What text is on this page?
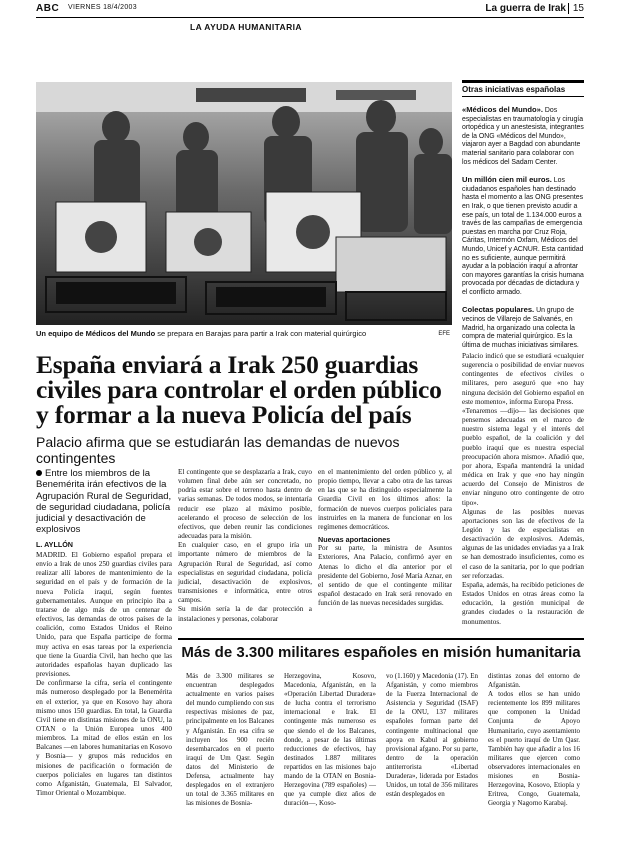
ABC VIERNES 18/4/2003	La guerra de Irak 15
LA AYUDA HUMANITARIA
Un equipo de Médicos del Mundo se prepara en Barajas para partir a Irak con material quirúrgico	EFE
Otras iniciativas españolas
«Médicos del Mundo». Dos especialistas en traumatología y cirugía ortopédica y un anestesista, integrantes de la ONG «Médicos del Mundo», viajaron ayer a Bagdad con abundante material sanitario para colaborar con los médicos del Sadam Center.
Un millón cien mil euros. Los ciudadanos españoles han destinado hasta el momento a las ONG presentes en Irak, o que tienen previsto acudir a ese país, un total de 1.134.000 euros a través de las campañas de emergencia puestas en marcha por Cruz Roja, Cáritas, Intermón Oxfam, Médicos del Mundo, Unicef y ACNUR. Esta cantidad no es suficiente, aunque permitirá ayudar a la población iraquí a afrontar con mayores garantías la crisis humana provocada por décadas de dictadura y el conflicto armado.
Colectas populares. Un grupo de vecinos de Villarejo de Salvanés, en Madrid, ha organizado una colecta la compra de material quirúrgico. Es la última de muchas iniciativas similares.
España enviará a Irak 250 guardias civiles para controlar el orden público y formar a la nueva Policía del país
Palacio afirma que se estudiarán las demandas de nuevos contingentes
Entre los miembros de la Benemérita irán efectivos de la Agrupación Rural de Seguridad, de seguridad ciudadana, policía judicial y desactivación de explosivos
L. AYLLÓN
MADRID. El Gobierno español prepara el envío a Irak de unos 250 guardias civiles para realizar allí labores de mantenimiento de la seguridad en el país y de formación de la nueva Policía iraquí, según fuentes gubernamentales. Aunque en principio iba a tratarse de algo más de un centenar de efectivos, las demandas de otros países de la coalición, como Estados Unidos el Reino Unido, para que España participe de forma muy activa en esas tareas por la experiencia que tiene la Guardia Civil, han hecho que las autoridades españolas hayan duplicado las previsiones.
De confirmarse la cifra, sería el contingente más numeroso desplegado por la Benemérita en el exterior, ya que en Kosovo hay ahora mismo unos 150 guardias. En total, la Guardia Civil tiene en distintas misiones de la ONU, la OTAN o la Unión Europea unos 400 miembros. La mitad de ellos están en los Balcanes —en labores humanitarias en Kosovo y Bosnia— y grupos más reducidos en misiones de pacificación o formación de cuerpos policiales en lugares tan distintos como Afganistán, Guatemala, El Salvador, Timor Oriental o Mozambique.
El contingente que se desplazaría a Irak, cuyo volumen final debe aún ser concretado, no podría estar sobre el terreno hasta dentro de varias semanas. De todos modos, se intentaría reducir ese plazo al máximo posible, acelerando el proceso de selección de los efectivos, que deben reunir las condiciones adecuadas para la misión.
En cualquier caso, en el grupo iría un importante número de miembros de la Agrupación Rural de Seguridad, así como especialistas en seguridad ciudadana, policía judicial, desactivación de explosivos, transmisiones e informática, entre otros campos.
Su misión sería la de dar protección a instalaciones y personas, colaborar
en el mantenimiento del orden público y, al propio tiempo, llevar a cabo otra de las tareas en las que se ha distinguido especialmente la Guardia Civil en los últimos años: la formación de nuevos cuerpos policiales para instruirles en la manera de funcionar en los regímenes democráticos.
Nuevas aportaciones
Por su parte, la ministra de Asuntos Exteriores, Ana Palacio, confirmó ayer en Atenas lo dicho el día anterior por el presidente del Gobierno, José María Aznar, en el sentido de que el contingente militar español destacado en Irak será renovado en función de las nuevas necesidades surgidas.
Palacio indicó que se estudiará «cualquier sugerencia o posibilidad de enviar nuevos contingentes de efectivos civiles o militares, pero aseguró que «no hay ninguna decisión del Gobierno español en este momento», informa Europa Press.
«Tenaremos —dijo— las decisiones que pensemos adecuadas en el marco de nuestro sistema legal y el interés del pueblo español, de la coalición y del pueblo iraquí que es nuestra especial preocupación ahora mismo». Añadió que, por ahora, España mantendrá la unidad médica en Irak y que «no hay ningún acuerdo del Consejo de Ministros de enviar ninguno otro contingente de otro tipo».
Algunas de las posibles nuevas aportaciones son las de efectivos de la Legión y las de especialistas en desactivación de explosivos. Además, algunas de las unidades enviadas ya a Irak se han demostrado insuficientes, como es el caso de la sanitaria, por lo que podrían ser reforzadas.
España, además, ha recibido peticiones de Estados Unidos en otras áreas como la educación, la gestión municipal de grandes ciudades o la restauración de monumentos.
Más de 3.300 militares españoles en misión humanitaria
Más de 3.300 militares se encuentran desplegados actualmente en varios países del mundo cumpliendo con sus respectivas misiones de paz, principalmente en los Balcanes y Afganistán. En esa cifra se incluyen los 900 recién desembarcados en el puerto iraquí de Um Qasr. Según datos del Ministerio de Defensa, actualmente hay desplegados en el extranjero un total de 3.365 militares en las misiones de Bosnia-
Herzegovina, Kosovo, Macedonia, Afganistán, en la «Operación Libertad Duradera» de lucha contra el terrorismo internacional e Irak. El contingente más numeroso es que siendo el de los Balcanes, donde, a pesar de las últimas reducciones de efectivos, hay destinados 1.887 militares repartidos en las misiones bajo mando de la OTAN en Bosnia-Herzegovina (789 españoles) —que ya cumple diez años de duración—, Koso-
vo (1.160) y Macedonia (17). En Afganistán, y como miembros de la Fuerza Internacional de Asistencia y Seguridad (ISAF) de la ONU, 137 militares españoles forman parte del contingente multinacional que apoya en Kabul al gobierno provisional afgano. Por su parte, dentro de la operación antiterrorista «Libertad Duradera», liderada por Estados Unidos, un total de 356 militares están desplegados en
distintas zonas del entorno de Afganistán.
A todos ellos se han unido recientemente los 899 militares que componen la Unidad Conjunta de Apoyo Humanitario, cuyo asentamiento es el puerto iraquí de Um Qasr. También hay que añadir a los 16 militares que ejercen como observadores internacionales en misiones en Bosnia-Herzegovina, Kosovo, Etiopía y Eritrea, Congo, Guatemala, Georgia y Nagorno Karabaj.
